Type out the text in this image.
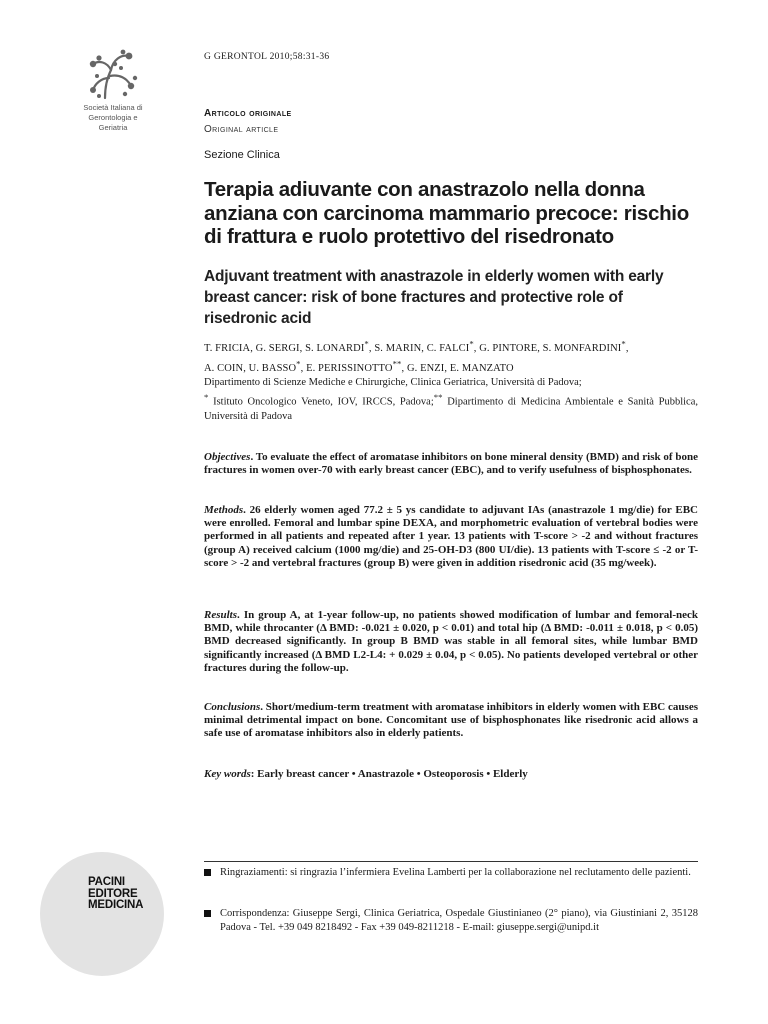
Società Italiana di Gerontologia e Geriatria
G GERONTOL 2010;58:31-36
Articolo originale
Original article
Sezione Clinica
Terapia adiuvante con anastrazolo nella donna anziana con carcinoma mammario precoce: rischio di frattura e ruolo protettivo del risedronato
Adjuvant treatment with anastrazole in elderly women with early breast cancer: risk of bone fractures and protective role of risedronic acid
T. FRICIA, G. SERGI, S. LONARDI*, S. MARIN, C. FALCI*, G. PINTORE, S. MONFARDINI*,
A. COIN, U. BASSO*, E. PERISSINOTTO**, G. ENZI, E. MANZATO
Dipartimento di Scienze Mediche e Chirurgiche, Clinica Geriatrica, Università di Padova;
* Istituto Oncologico Veneto, IOV, IRCCS, Padova;** Dipartimento di Medicina Ambientale e Sanità Pubblica, Università di Padova
Objectives. To evaluate the effect of aromatase inhibitors on bone mineral density (BMD) and risk of bone fractures in women over-70 with early breast cancer (EBC), and to verify usefulness of bisphosphonates.
Methods. 26 elderly women aged 77.2 ± 5 ys candidate to adjuvant IAs (anastrazole 1 mg/die) for EBC were enrolled. Femoral and lumbar spine DEXA, and morphometric evaluation of vertebral bodies were performed in all patients and repeated after 1 year. 13 patients with T-score > -2 and without fractures (group A) received calcium (1000 mg/die) and 25-OH-D3 (800 UI/die). 13 patients with T-score ≤ -2 or T-score > -2 and vertebral fractures (group B) were given in addition risedronic acid (35 mg/week).
Results. In group A, at 1-year follow-up, no patients showed modification of lumbar and femoral-neck BMD, while throcanter (Δ BMD: -0.021 ± 0.020, p < 0.01) and total hip (Δ BMD: -0.011 ± 0.018, p < 0.05) BMD decreased significantly. In group B BMD was stable in all femoral sites, while lumbar BMD significantly increased (Δ BMD L2-L4: + 0.029 ± 0.04, p < 0.05). No patients developed vertebral or other fractures during the follow-up.
Conclusions. Short/medium-term treatment with aromatase inhibitors in elderly women with EBC causes minimal detrimental impact on bone. Concomitant use of bisphosphonates like risedronic acid allows a safe use of aromatase inhibitors also in elderly patients.
Key words: Early breast cancer • Anastrazole • Osteoporosis • Elderly
Ringraziamenti: si ringrazia l’infermiera Evelina Lamberti per la collaborazione nel reclutamento delle pazienti.
Corrispondenza: Giuseppe Sergi, Clinica Geriatrica, Ospedale Giustinianeo (2° piano), via Giustiniani 2, 35128 Padova - Tel. +39 049 8218492 - Fax +39 049-8211218 - E-mail: giuseppe.sergi@unipd.it
PACINI
EDITORE
MEDICINA
